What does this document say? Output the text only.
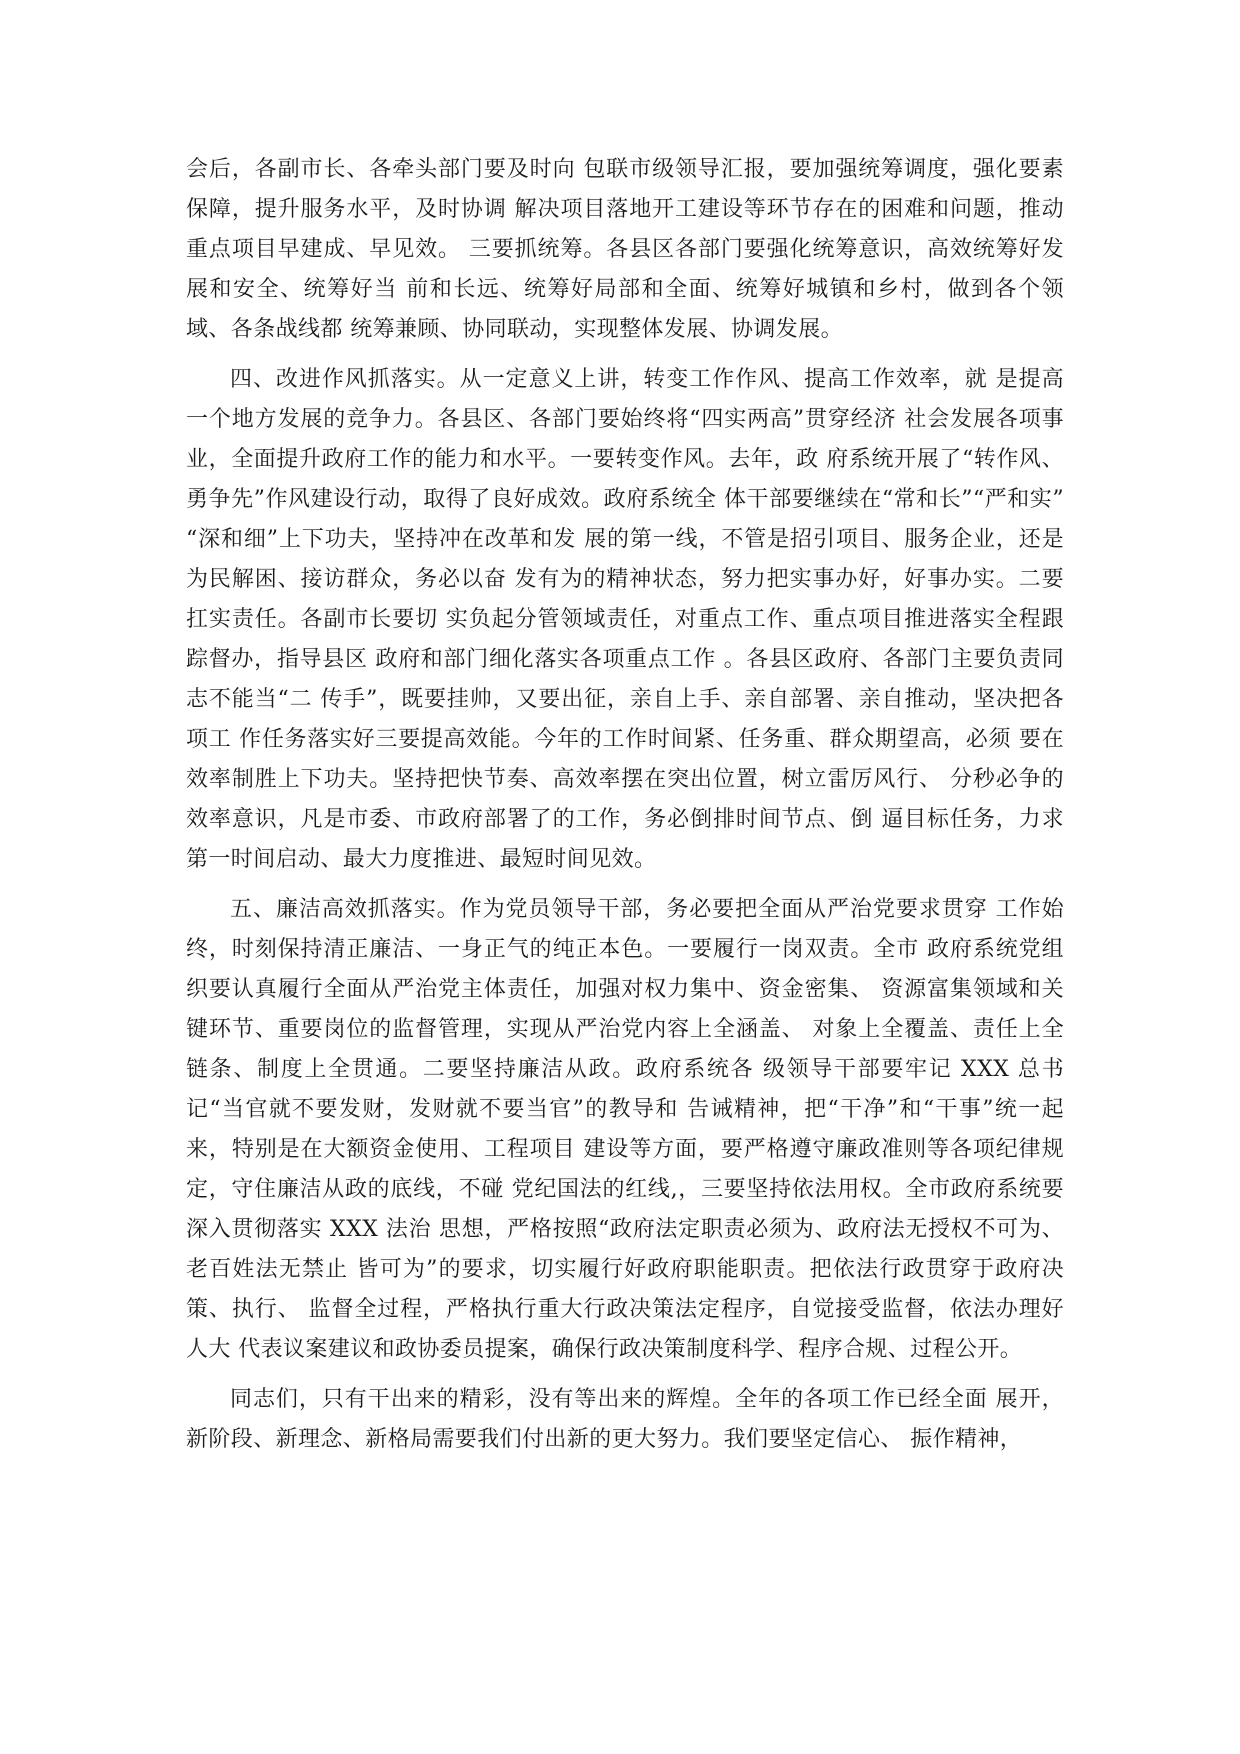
会后，各副市长、各牵头部门要及时向 包联市级领导汇报，要加强统筹调度，强化要素保障，提升服务水平，及时协调 解决项目落地开工建设等环节存在的困难和问题，推动重点项目早建成、早见效。 三要抓统筹。各县区各部门要强化统筹意识，高效统筹好发展和安全、统筹好当 前和长远、统筹好局部和全面、统筹好城镇和乡村，做到各个领域、各条战线都 统筹兼顾、协同联动，实现整体发展、协调发展。

四、改进作风抓落实。从一定意义上讲，转变工作作风、提高工作效率，就 是提高一个地方发展的竞争力。各县区、各部门要始终将“四实两高”贯穿经济 社会发展各项事业，全面提升政府工作的能力和水平。一要转变作风。去年，政 府系统开展了“转作风、勇争先”作风建设行动，取得了良好成效。政府系统全 体干部要继续在“常和长”“严和实” “深和细”上下功夫，坚持冲在改革和发 展的第一线，不管是招引项目、服务企业，还是为民解困、接访群众，务必以奋 发有为的精神状态，努力把实事办好，好事办实。二要扛实责任。各副市长要切 实负起分管领域责任，对重点工作、重点项目推进落实全程跟踪督办，指导县区 政府和部门细化落实各项重点工作 。各县区政府、各部门主要负责同志不能当“二 传手”，既要挂帅，又要出征，亲自上手、亲自部署、亲自推动，坚决把各项工 作任务落实好三要提高效能。今年的工作时间紧、任务重、群众期望高，必须 要在效率制胜上下功夫。坚持把快节奏、高效率摆在突出位置，树立雷厉风行、 分秒必争的效率意识，凡是市委、市政府部署了的工作，务必倒排时间节点、倒 逼目标任务，力求第一时间启动、最大力度推进、最短时间见效。

五、廉洁高效抓落实。作为党员领导干部，务必要把全面从严治党要求贯穿 工作始终，时刻保持清正廉洁、一身正气的纯正本色。一要履行一岗双责。全市 政府系统党组织要认真履行全面从严治党主体责任，加强对权力集中、资金密集、 资源富集领域和关键环节、重要岗位的监督管理，实现从严治党内容上全涵盖、 对象上全覆盖、责任上全链条、制度上全贯通。二要坚持廉洁从政。政府系统各 级领导干部要牢记 XXX 总书记“当官就不要发财，发财就不要当官”的教导和 告诫精神，把“干净”和“干事”统一起来，特别是在大额资金使用、工程项目 建设等方面，要严格遵守廉政准则等各项纪律规定，守住廉洁从政的底线，不碰 党纪国法的红线,，三要坚持依法用权。全市政府系统要深入贯彻落实 XXX 法治 思想，严格按照“政府法定职责必须为、政府法无授权不可为、老百姓法无禁止 皆可为”的要求，切实履行好政府职能职责。把依法行政贯穿于政府决策、执行、 监督全过程，严格执行重大行政决策法定程序，自觉接受监督，依法办理好人大 代表议案建议和政协委员提案，确保行政决策制度科学、程序合规、过程公开。

同志们，只有干出来的精彩，没有等出来的辉煌。全年的各项工作已经全面 展开，新阶段、新理念、新格局需要我们付出新的更大努力。我们要坚定信心、 振作精神，
